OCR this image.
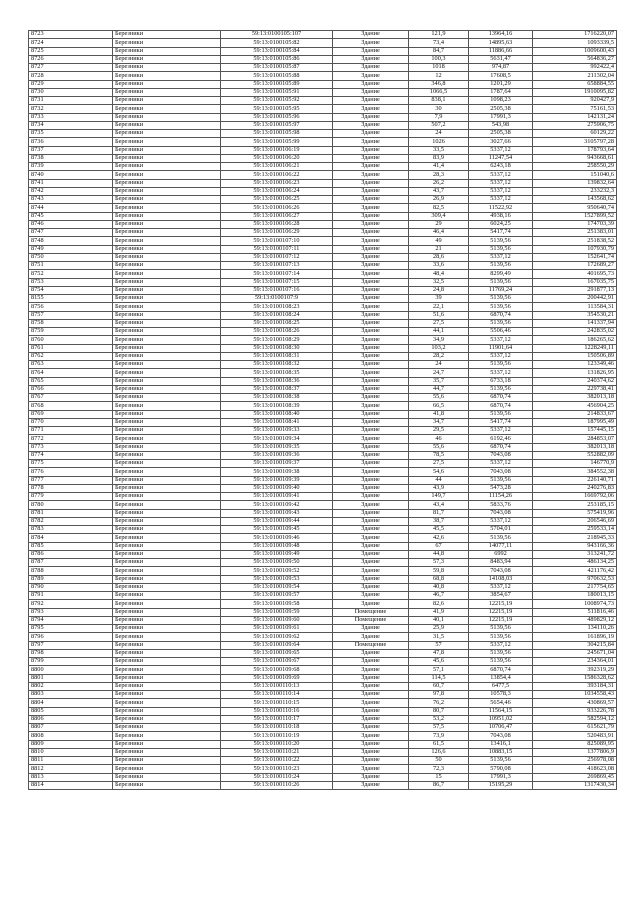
8723	Березники	59:13:0100105:107	Здание	121,9	13964,16	1716220,07
8724	Березники	59:13:0100105:82	Здание	73,4	14895,63	1093339,5
8725	Березники	59:13:0100105:84	Здание	84,7	11886,66	1009600,43
8726	Березники	59:13:0100105:86	Здание	100,3	5631,47	564836,27
8727	Березники	59:13:0100105:87	Здание	1018	974,87	992422,4
8728	Березники	59:13:0100105:88	Здание	12	17608,5	211302,04
8729	Березники	59:13:0100105:89	Здание	346,8	1201,29	658884,55
8730	Березники	59:13:0100105:91	Здание	1066,5	1787,64	1910095,82
8731	Березники	59:13:0100105:92	Здание	838,1	1098,23	920427,9
8732	Березники	59:13:0100105:95	Здание	30	2505,38	75161,53
8733	Березники	59:13:0100105:96	Здание	7,9	17991,3	142131,24
8734	Березники	59:13:0100105:97	Здание	507,2	543,98	275906,75
8735	Березники	59:13:0100105:98	Здание	24	2505,38	60129,22
8736	Березники	59:13:0100105:99	Здание	1026	3027,66	3105797,28
8737	Березники	59:13:0100106:19	Здание	33,5	5337,12	178793,64
8738	Березники	59:13:0100106:20	Здание	83,9	11247,54	943668,61
8739	Березники	59:13:0100106:21	Здание	41,4	6243,18	258550,29
8740	Березники	59:13:0100106:22	Здание	28,3	5337,12	151040,6
8741	Березники	59:13:0100106:23	Здание	26,2	5337,12	139832,64
8742	Березники	59:13:0100106:24	Здание	43,7	5337,12	233232,3
8743	Березники	59:13:0100106:25	Здание	26,9	5337,12	143568,62
8744	Березники	59:13:0100106:26	Здание	82,5	11522,92	950640,74
8745	Березники	59:13:0100106:27	Здание	309,4	4938,16	1527899,52
8746	Березники	59:13:0100106:28	Здание	29	6024,25	174703,39
8747	Березники	59:13:0100106:29	Здание	46,4	5417,74	251383,01
8748	Березники	59:13:0100107:10	Здание	49	5139,56	251838,52
8749	Березники	59:13:0100107:11	Здание	21	5139,56	107930,79
8750	Березники	59:13:0100107:12	Здание	28,6	5337,12	152641,74
8751	Березники	59:13:0100107:13	Здание	33,6	5139,56	172689,27
8752	Березники	59:13:0100107:14	Здание	48,4	8299,49	401695,73
8753	Березники	59:13:0100107:15	Здание	32,5	5139,56	167035,75
8754	Березники	59:13:0100107:16	Здание	24,8	11769,24	291877,13
8155	Березники	59:13:0100107:9	Здание	39	5139,56	200442,91
8756	Березники	59:13:0100108:23	Здание	22,1	5139,56	113584,31
8757	Березники	59:13:0100108:24	Здание	51,6	6870,74	354530,21
8758	Березники	59:13:0100108:25	Здание	27,5	5139,56	141337,94
8759	Березники	59:13:0100108:26	Здание	44,1	5506,46	242835,02
8760	Березники	59:13:0100108:29	Здание	34,9	5337,12	186265,62
8761	Березники	59:13:0100108:30	Здание	103,2	11901,64	1228249,11
8762	Березники	59:13:0100108:31	Здание	28,2	5337,12	150506,89
8763	Березники	59:13:0100108:32	Здание	24	5139,56	123349,46
8764	Березники	59:13:0100108:35	Здание	24,7	5337,12	131826,95
8765	Березники	59:13:0100108:36	Здание	35,7	6733,18	240374,62
8766	Березники	59:13:0100108:37	Здание	44,7	5139,56	229738,41
8767	Березники	59:13:0100108:38	Здание	55,6	6870,74	382013,18
8768	Березники	59:13:0100108:39	Здание	66,5	6870,74	456904,25
8769	Березники	59:13:0100108:40	Здание	41,8	5139,56	214833,67
8770	Березники	59:13:0100108:41	Здание	34,7	5417,74	187995,49
8771	Березники	59:13:0100109:33	Здание	29,5	5337,12	157445,15
8772	Березники	59:13:0100109:34	Здание	46	6192,46	284853,07
8773	Березники	59:13:0100109:35	Здание	55,6	6870,74	382013,18
8774	Березники	59:13:0100109:36	Здание	78,5	7043,08	552882,09
8775	Березники	59:13:0100109:37	Здание	27,5	5337,12	146770,9
8776	Березники	59:13:0100109:38	Здание	54,6	7043,08	384552,38
8777	Березники	59:13:0100109:39	Здание	44	5139,56	226140,71
8778	Березники	59:13:0100109:40	Здание	43,9	5473,28	240276,83
8779	Березники	59:13:0100109:41	Здание	149,7	11154,26	1669792,06
8780	Березники	59:13:0100109:42	Здание	43,4	5833,76	253185,15
8781	Березники	59:13:0100109:43	Здание	81,7	7043,08	575419,96
8782	Березники	59:13:0100109:44	Здание	38,7	5337,12	206546,69
8783	Березники	59:13:0100109:45	Здание	45,5	5704,01	259533,14
8784	Березники	59:13:0100109:46	Здание	42,6	5139,56	218945,33
8785	Березники	59:13:0100109:48	Здание	67	14077,11	943166,36
8786	Березники	59:13:0100109:49	Здание	44,8	6992	313241,72
8787	Березники	59:13:0100109:50	Здание	57,3	8483,94	486134,25
8788	Березники	59:13:0100109:52	Здание	59,8	7043,08	421176,42
8789	Березники	59:13:0100109:53	Здание	68,8	14108,03	970632,53
8790	Березники	59:13:0100109:54	Здание	40,8	5337,12	217754,65
8791	Березники	59:13:0100109:57	Здание	46,7	3854,67	180013,15
8792	Березники	59:13:0100109:58	Здание	82,6	12215,19	1008974,73
8793	Березники	59:13:0100109:59	Помещение	41,9	12215,19	511816,46
8794	Березники	59:13:0100109:60	Помещение	40,1	12215,19	489829,12
8795	Березники	59:13:0100109:61	Здание	25,9	5139,56	134110,26
8796	Березники	59:13:0100109:62	Здание	31,5	5139,56	161896,19
8797	Березники	59:13:0100109:64	Помещение	57	5337,12	304215,84
8798	Березники	59:13:0100109:65	Здание	47,8	5139,56	245671,04
8799	Березники	59:13:0100109:67	Здание	45,6	5139,56	234364,01
8800	Березники	59:13:0100109:68	Здание	57,1	6870,74	392319,29
8801	Березники	59:13:0100109:69	Здание	114,5	13854,4	1586328,62
8802	Березники	59:13:0100110:13	Здание	60,7	6477,5	393184,31
8803	Березники	59:13:0100110:14	Здание	97,8	10578,3	1034558,43
8804	Березники	59:13:0100110:15	Здание	76,2	5654,46	430869,57
8805	Березники	59:13:0100110:16	Здание	80,7	11564,15	933226,78
8806	Березники	59:13:0100110:17	Здание	53,2	10951,02	582594,12
8807	Березники	59:13:0100110:18	Здание	57,5	10706,47	615621,79
8808	Березники	59:13:0100110:19	Здание	73,9	7043,08	520483,91
8809	Березники	59:13:0100110:20	Здание	61,5	13416,1	825089,95
8810	Березники	59:13:0100110:21	Здание	126,6	10883,15	1377806,9
8811	Березники	59:13:0100110:22	Здание	50	5139,56	256978,08
8812	Березники	59:13:0100110:23	Здание	72,3	5790,08	418623,08
8813	Березники	59:13:0100110:24	Здание	15	17991,3	269869,45
8814	Березники	59:13:0100110:26	Здание	86,7	15195,29	1317430,34
